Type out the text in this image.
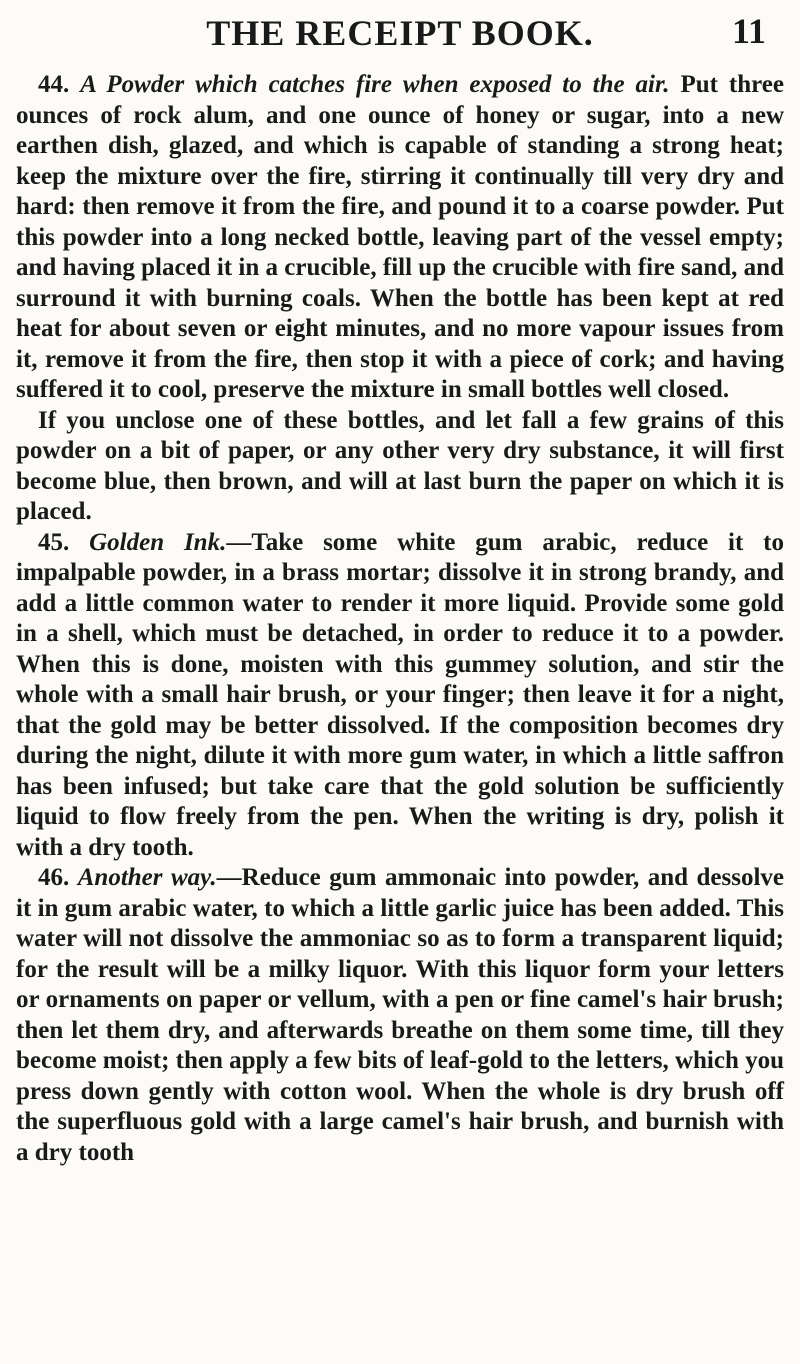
THE RECEIPT BOOK.	11

44. A Powder which catches fire when exposed to the air. Put three ounces of rock alum, and one ounce of honey or sugar, into a new earthen dish, glazed, and which is capable of standing a strong heat; keep the mixture over the fire, stirring it continually till very dry and hard: then remove it from the fire, and pound it to a coarse powder. Put this powder into a long necked bottle, leaving part of the vessel empty; and having placed it in a crucible, fill up the crucible with fire sand, and surround it with burning coals. When the bottle has been kept at red heat for about seven or eight minutes, and no more vapour issues from it, remove it from the fire, then stop it with a piece of cork; and having suffered it to cool, preserve the mixture in small bottles well closed.

If you unclose one of these bottles, and let fall a few grains of this powder on a bit of paper, or any other very dry substance, it will first become blue, then brown, and will at last burn the paper on which it is placed.

45. Golden Ink.—Take some white gum arabic, reduce it to impalpable powder, in a brass mortar; dissolve it in strong brandy, and add a little common water to render it more liquid. Provide some gold in a shell, which must be detached, in order to reduce it to a powder. When this is done, moisten with this gummey solution, and stir the whole with a small hair brush, or your finger; then leave it for a night, that the gold may be better dissolved. If the composition becomes dry during the night, dilute it with more gum water, in which a little saffron has been infused; but take care that the gold solution be sufficiently liquid to flow freely from the pen. When the writing is dry, polish it with a dry tooth.

46. Another way.—Reduce gum ammonaic into powder, and dessolve it in gum arabic water, to which a little garlic juice has been added. This water will not dissolve the ammoniac so as to form a transparent liquid; for the result will be a milky liquor. With this liquor form your letters or ornaments on paper or vellum, with a pen or fine camel's hair brush; then let them dry, and afterwards breathe on them some time, till they become moist; then apply a few bits of leaf-gold to the letters, which you press down gently with cotton wool. When the whole is dry brush off the superfluous gold with a large camel's hair brush, and burnish with a dry tooth
